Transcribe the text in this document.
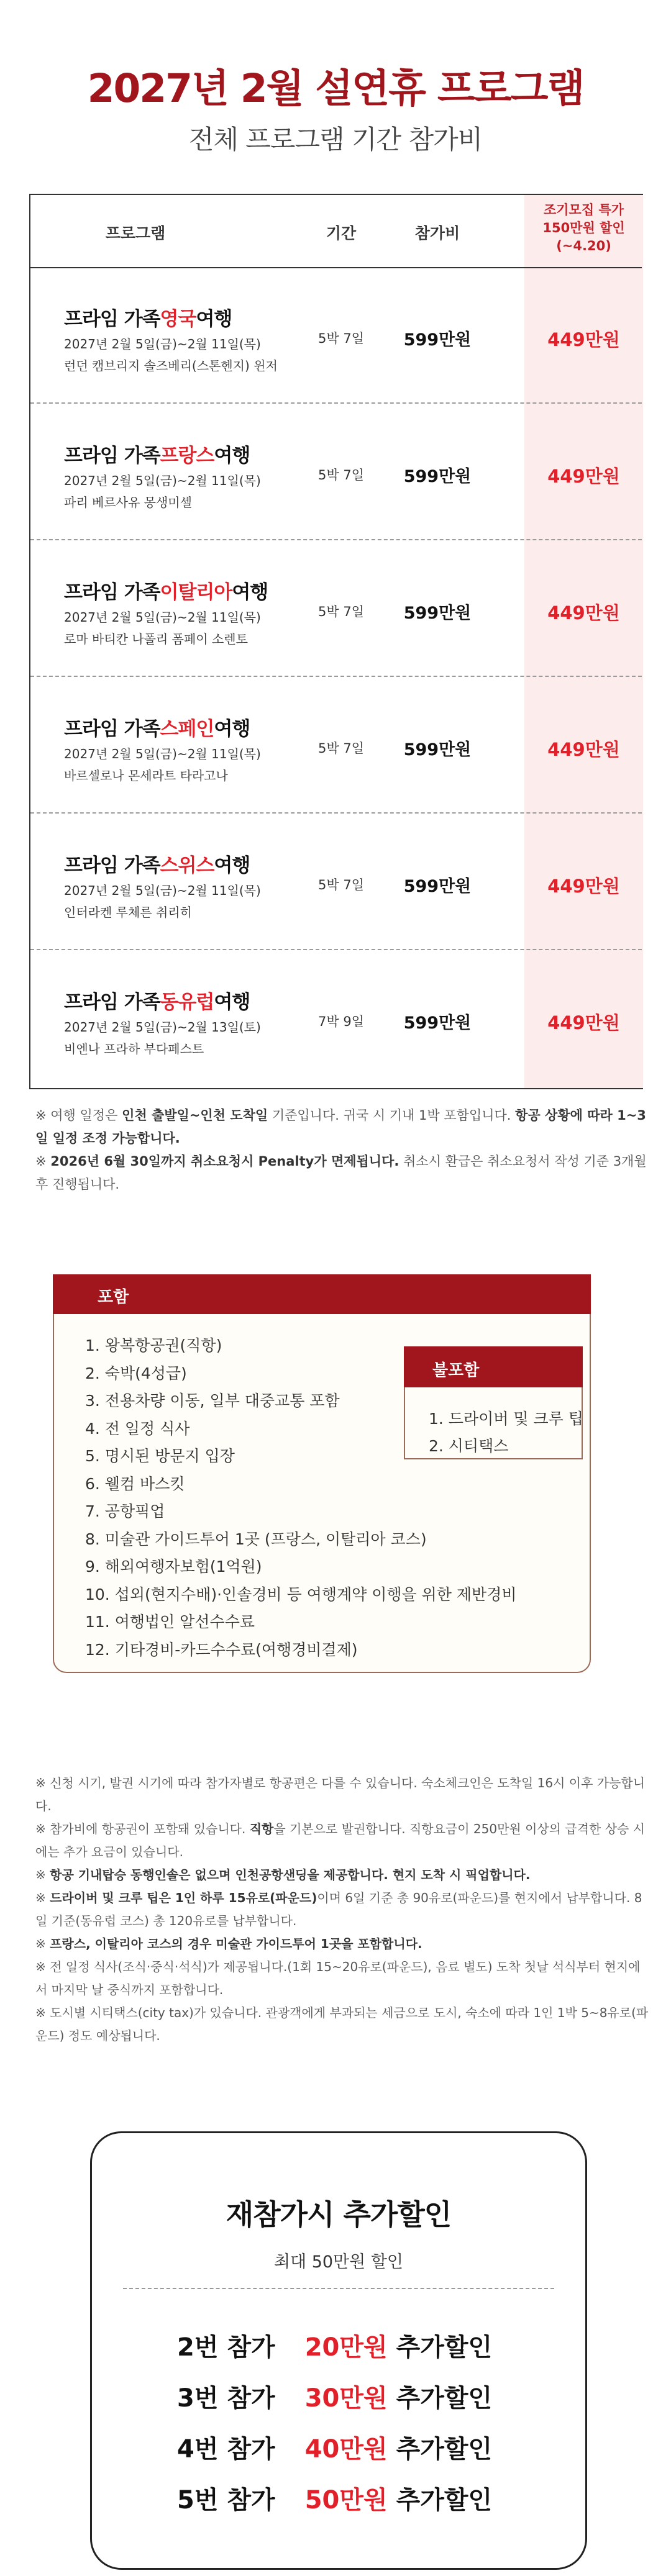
2027년 2월 설연휴 프로그램
전체 프로그램 기간 참가비
프로그램	기간	참가비
조기모집 특가
150만원 할인
(~4.20)
프라임 가족영국여행
2027년 2월 5일(금)~2월 11일(목)
런던 캠브리지 솔즈베리(스톤헨지) 윈저
5박 7일	599만원	449만원
프라임 가족프랑스여행
2027년 2월 5일(금)~2월 11일(목)
파리 베르사유 몽생미셸
5박 7일	599만원	449만원
프라임 가족이탈리아여행
2027년 2월 5일(금)~2월 11일(목)
로마 바티칸 나폴리 폼페이 소렌토
5박 7일	599만원	449만원
프라임 가족스페인여행
2027년 2월 5일(금)~2월 11일(목)
바르셀로나 몬세라트 타라고나
5박 7일	599만원	449만원
프라임 가족스위스여행
2027년 2월 5일(금)~2월 11일(목)
인터라켄 루체른 취리히
5박 7일	599만원	449만원
프라임 가족동유럽여행
2027년 2월 5일(금)~2월 13일(토)
비엔나 프라하 부다페스트
7박 9일	599만원	449만원
※ 여행 일정은 인천 출발일~인천 도착일 기준입니다. 귀국 시 기내 1박 포함입니다. 항공 상황에 따라 1~3일 일정 조정 가능합니다.
※ 2026년 6월 30일까지 취소요청시 Penalty가 면제됩니다. 취소시 환급은 취소요청서 작성 기준 3개월 후 진행됩니다.
포함
1. 왕복항공권(직항)
2. 숙박(4성급)
3. 전용차량 이동, 일부 대중교통 포함
4. 전 일정 식사
5. 명시된 방문지 입장
6. 웰컴 바스킷
7. 공항픽업
8. 미술관 가이드투어 1곳 (프랑스, 이탈리아 코스)
9. 해외여행자보험(1억원)
10. 섭외(현지수배)·인솔경비 등 여행계약 이행을 위한 제반경비
11. 여행법인 알선수수료
12. 기타경비-카드수수료(여행경비결제)
불포함
1. 드라이버 및 크루 팁
2. 시티택스
※ 신청 시기, 발권 시기에 따라 참가자별로 항공편은 다를 수 있습니다. 숙소체크인은 도착일 16시 이후 가능합니다.
※ 참가비에 항공권이 포함돼 있습니다. 직항을 기본으로 발권합니다. 직항요금이 250만원 이상의 급격한 상승 시에는 추가 요금이 있습니다.
※ 항공 기내탑승 동행인솔은 없으며 인천공항샌딩을 제공합니다. 현지 도착 시 픽업합니다.
※ 드라이버 및 크루 팁은 1인 하루 15유로(파운드)이며 6일 기준 총 90유로(파운드)를 현지에서 납부합니다. 8일 기준(동유럽 코스) 총 120유로를 납부합니다.
※ 프랑스, 이탈리아 코스의 경우 미술관 가이드투어 1곳을 포함합니다.
※ 전 일정 식사(조식·중식·석식)가 제공됩니다.(1회 15~20유로(파운드), 음료 별도) 도착 첫날 석식부터 현지에서 마지막 날 중식까지 포함합니다.
※ 도시별 시티택스(city tax)가 있습니다. 관광객에게 부과되는 세금으로 도시, 숙소에 따라 1인 1박 5~8유로(파운드) 정도 예상됩니다.
재참가시 추가할인
최대 50만원 할인
2번 참가 20만원 추가할인
3번 참가 30만원 추가할인
4번 참가 40만원 추가할인
5번 참가 50만원 추가할인
